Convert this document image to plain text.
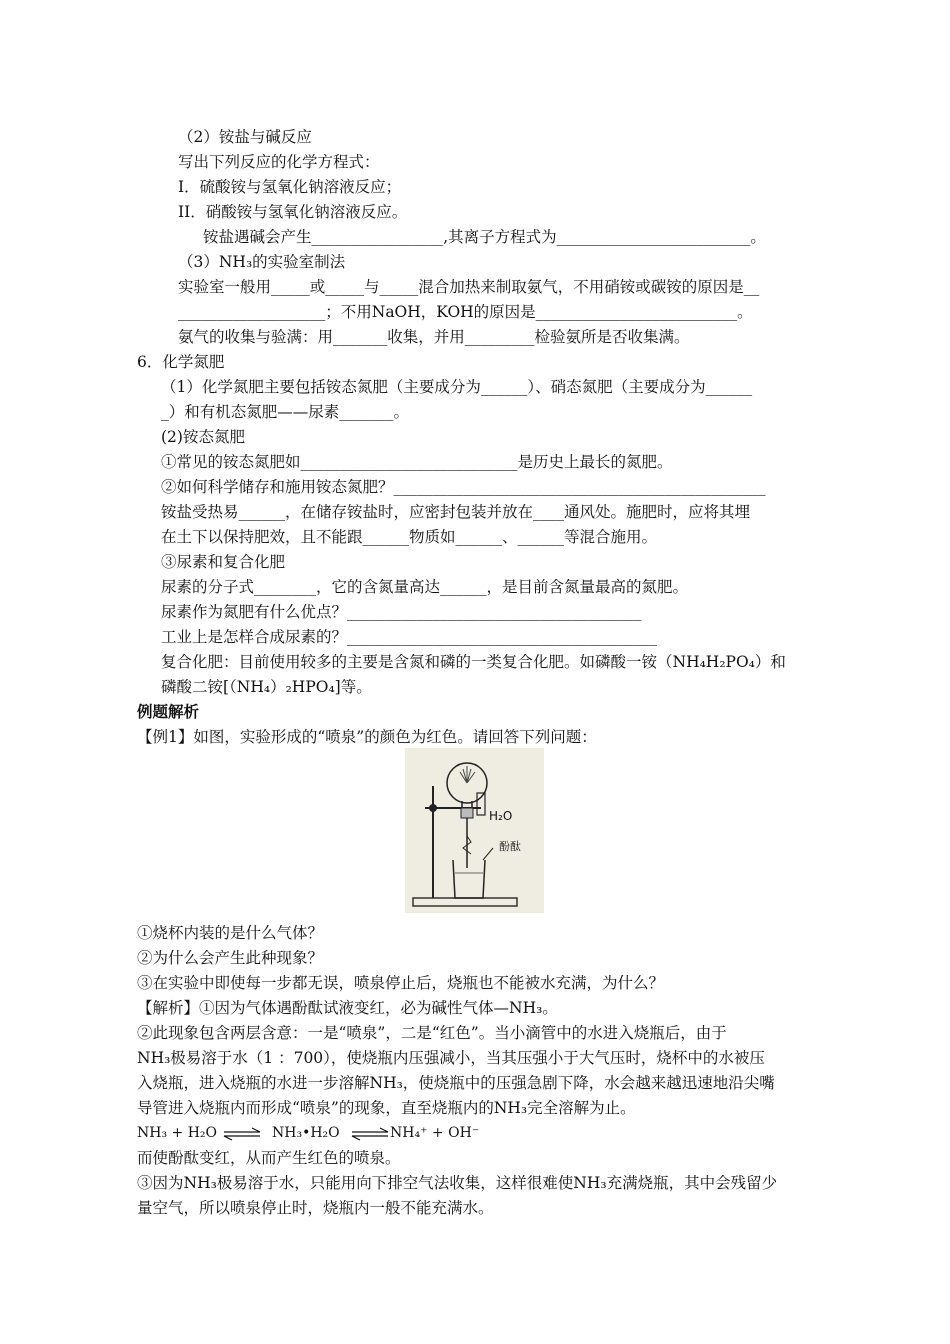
（2）铵盐与碱反应
写出下列反应的化学方程式：
I．硫酸铵与氢氧化钠溶液反应；
II．硝酸铵与氢氧化钠溶液反应。
铵盐遇碱会产生_________________,其离子方程式为_________________________。
（3）NH₃的实验室制法
实验室一般用_____或_____与_____混合加热来制取氨气，不用硝铵或碳铵的原因是__
___________________；不用NaOH，KOH的原因是__________________________。
氨气的收集与验满：用_______收集，并用_________检验氨所是否收集满。
6．化学氮肥
（1）化学氮肥主要包括铵态氮肥（主要成分为______）、硝态氮肥（主要成分为______
_）和有机态氮肥——尿素_______。
(2)铵态氮肥
①常见的铵态氮肥如____________________________是历史上最长的氮肥。
②如何科学储存和施用铵态氮肥？________________________________________________
铵盐受热易______，在储存铵盐时，应密封包装并放在____通风处。施肥时，应将其埋
在土下以保持肥效，且不能跟______物质如______、______等混合施用。
③尿素和复合化肥
尿素的分子式________，它的含氮量高达______，是目前含氮量最高的氮肥。
尿素作为氮肥有什么优点？______________________________________
工业上是怎样合成尿素的？________________________________________
复合化肥：目前使用较多的主要是含氮和磷的一类复合化肥。如磷酸一铵（NH₄H₂PO₄）和
磷酸二铵[（NH₄）₂HPO₄]等。
例题解析
【例1】如图，实验形成的“喷泉”的颜色为红色。请回答下列问题：
H₂O
酚酞
①烧杯内装的是什么气体？
②为什么会产生此种现象？
③在实验中即使每一步都无误，喷泉停止后，烧瓶也不能被水充满，为什么？
【解析】①因为气体遇酚酞试液变红，必为碱性气体—NH₃。
②此现象包含两层含意：一是“喷泉”，二是“红色”。当小滴管中的水进入烧瓶后，由于
NH₃极易溶于水（1 ：700），使烧瓶内压强减小，当其压强小于大气压时，烧杯中的水被压
入烧瓶，进入烧瓶的水进一步溶解NH₃，使烧瓶中的压强急剧下降，水会越来越迅速地沿尖嘴
导管进入烧瓶内而形成“喷泉”的现象，直至烧瓶内的NH₃完全溶解为止。
NH₃ + H₂O ⇌ NH₃•H₂O ⇌ NH₄⁺ + OH⁻
而使酚酞变红，从而产生红色的喷泉。
③因为NH₃极易溶于水，只能用向下排空气法收集，这样很难使NH₃充满烧瓶，其中会残留少
量空气，所以喷泉停止时，烧瓶内一般不能充满水。
